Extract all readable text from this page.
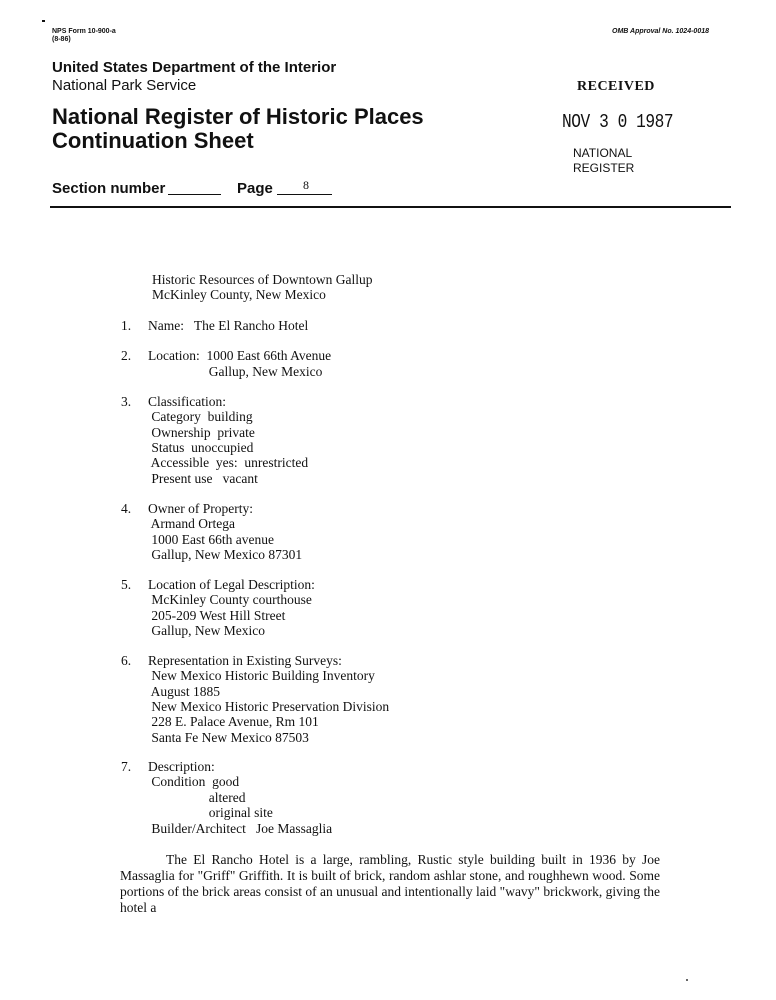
NPS Form 10-900-a
(8-86)
OMB Approval No. 1024-0018
United States Department of the Interior
National Park Service
National Register of Historic Places
Continuation Sheet
RECEIVED
NOV 3 0 1987
NATIONAL
REGISTER
Section number	Page	8
Historic Resources of Downtown Gallup
McKinley County, New Mexico
1. Name:   The El Rancho Hotel
2. Location:  1000 East 66th Avenue
Gallup, New Mexico
3. Classification:
Category  building
Ownership  private
Status  unoccupied
Accessible  yes:  unrestricted
Present use   vacant
4. Owner of Property:
Armand Ortega
1000 East 66th avenue
Gallup, New Mexico 87301
5. Location of Legal Description:
McKinley County courthouse
205-209 West Hill Street
Gallup, New Mexico
6. Representation in Existing Surveys:
New Mexico Historic Building Inventory
August 1885
New Mexico Historic Preservation Division
228 E. Palace Avenue, Rm 101
Santa Fe New Mexico 87503
7. Description:
Condition  good
altered
original site
Builder/Architect   Joe Massaglia

The El Rancho Hotel is a large, rambling, Rustic style building built in 1936 by Joe Massaglia for "Griff" Griffith. It is built of brick, random ashlar stone, and roughhewn wood. Some portions of the brick areas consist of an unusual and intentionally laid "wavy" brickwork, giving the hotel a
